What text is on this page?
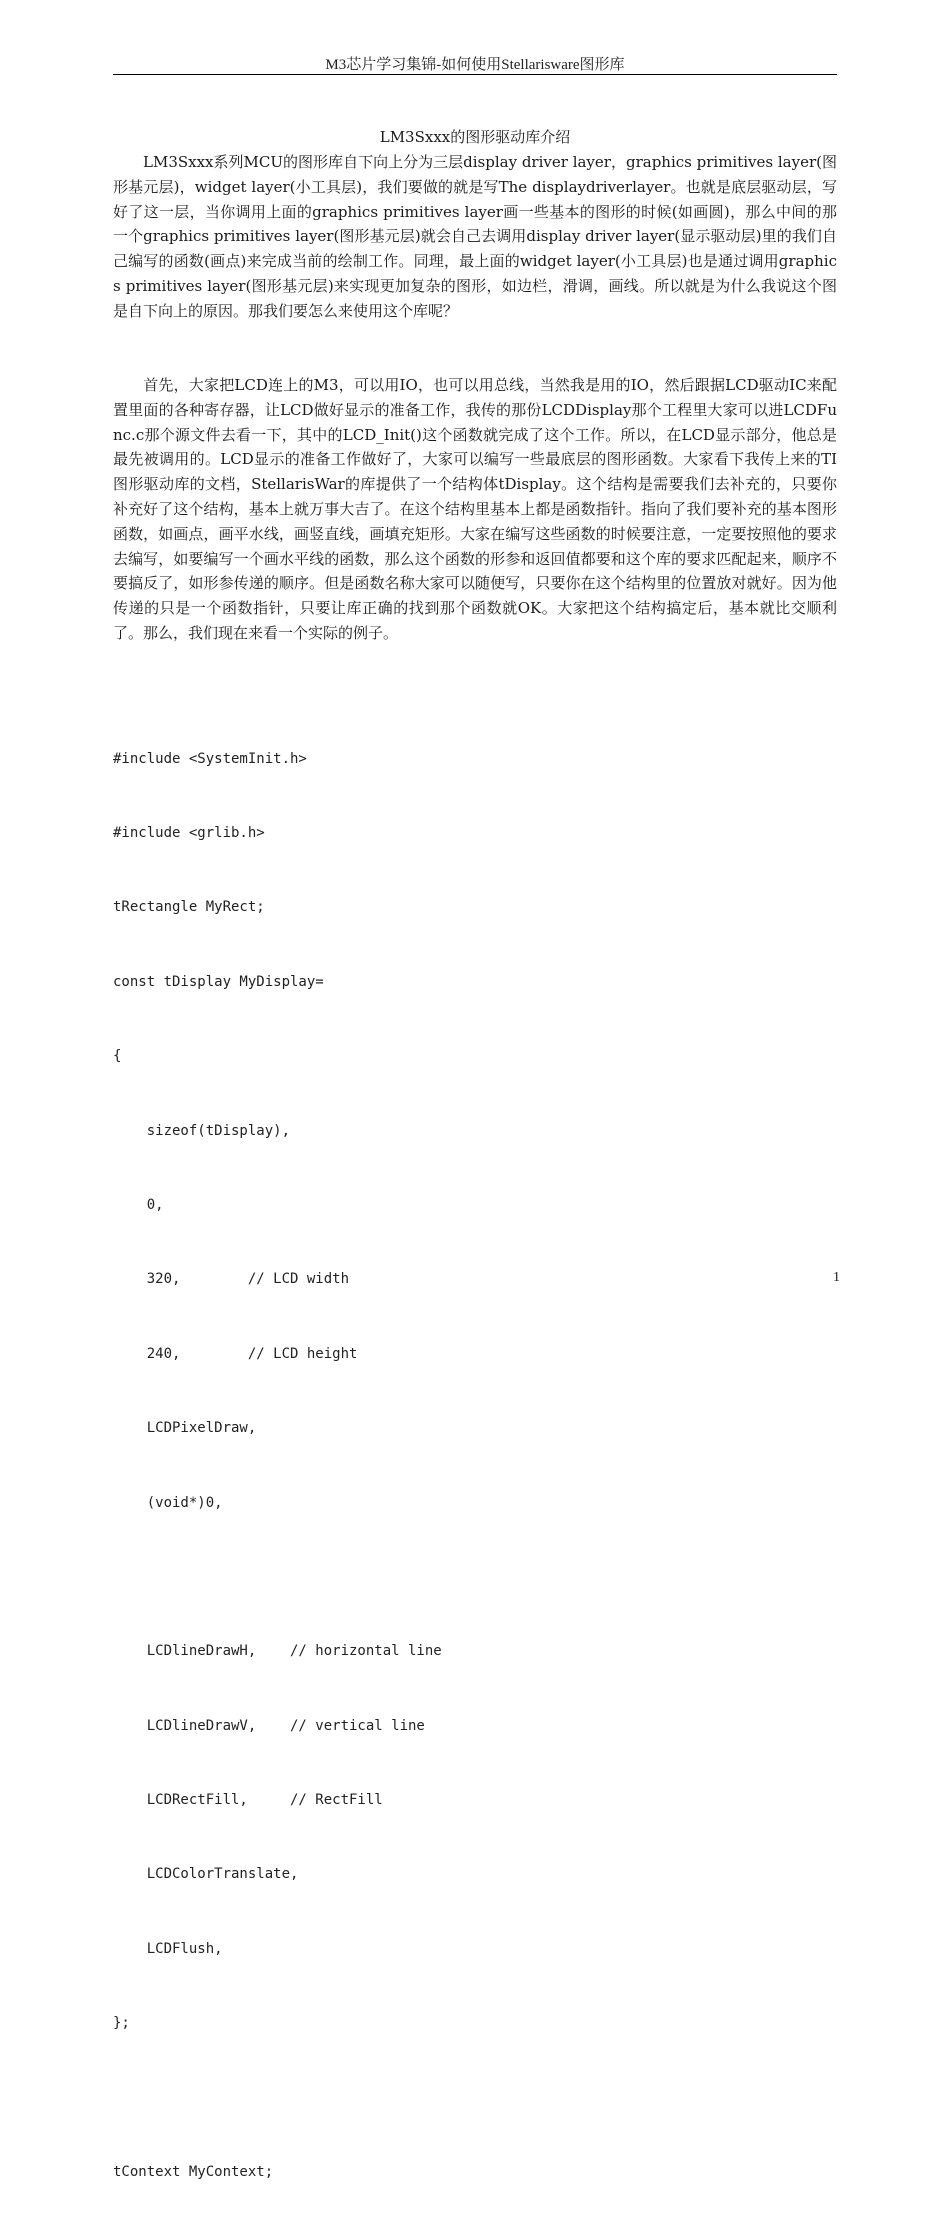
M3芯片学习集锦-如何使用Stellarisware图形库
LM3Sxxx的图形驱动库介绍

LM3Sxxx系列MCU的图形库自下向上分为三层display driver layer，graphics primitives layer(图形基元层)，widget layer(小工具层)，我们要做的就是写The displaydriverlayer。也就是底层驱动层，写好了这一层，当你调用上面的graphics primitives layer画一些基本的图形的时候(如画圆)，那么中间的那一个graphics primitives layer(图形基元层)就会自己去调用display driver layer(显示驱动层)里的我们自己编写的函数(画点)来完成当前的绘制工作。同理，最上面的widget layer(小工具层)也是通过调用graphics primitives layer(图形基元层)来实现更加复杂的图形，如边栏，滑调，画线。所以就是为什么我说这个图是自下向上的原因。那我们要怎么来使用这个库呢？

首先，大家把LCD连上的M3，可以用IO，也可以用总线，当然我是用的IO，然后跟据LCD驱动IC来配置里面的各种寄存器，让LCD做好显示的准备工作，我传的那份LCDDisplay那个工程里大家可以进LCDFunc.c那个源文件去看一下，其中的LCD_Init()这个函数就完成了这个工作。所以，在LCD显示部分，他总是最先被调用的。LCD显示的准备工作做好了，大家可以编写一些最底层的图形函数。大家看下我传上来的TI图形驱动库的文档，StellarisWar的库提供了一个结构体tDisplay。这个结构是需要我们去补充的，只要你补充好了这个结构，基本上就万事大吉了。在这个结构里基本上都是函数指针。指向了我们要补充的基本图形函数，如画点，画平水线，画竖直线，画填充矩形。大家在编写这些函数的时候要注意，一定要按照他的要求去编写，如要编写一个画水平线的函数，那么这个函数的形参和返回值都要和这个库的要求匹配起来，顺序不要搞反了，如形参传递的顺序。但是函数名称大家可以随便写，只要你在这个结构里的位置放对就好。因为他传递的只是一个函数指针，只要让库正确的找到那个函数就OK。大家把这个结构搞定后，基本就比交顺利了。那么，我们现在来看一个实际的例子。

#include <SystemInit.h>

#include <grlib.h>

tRectangle MyRect;

const tDisplay MyDisplay=

{

sizeof(tDisplay),

0,

320,        // LCD width

240,        // LCD height

LCDPixelDraw,

(void*)0,

LCDlineDrawH,    // horizontal line

LCDlineDrawV,    // vertical line

LCDRectFill,     // RectFill

LCDColorTranslate,

LCDFlush,

};

tContext MyContext;

1
